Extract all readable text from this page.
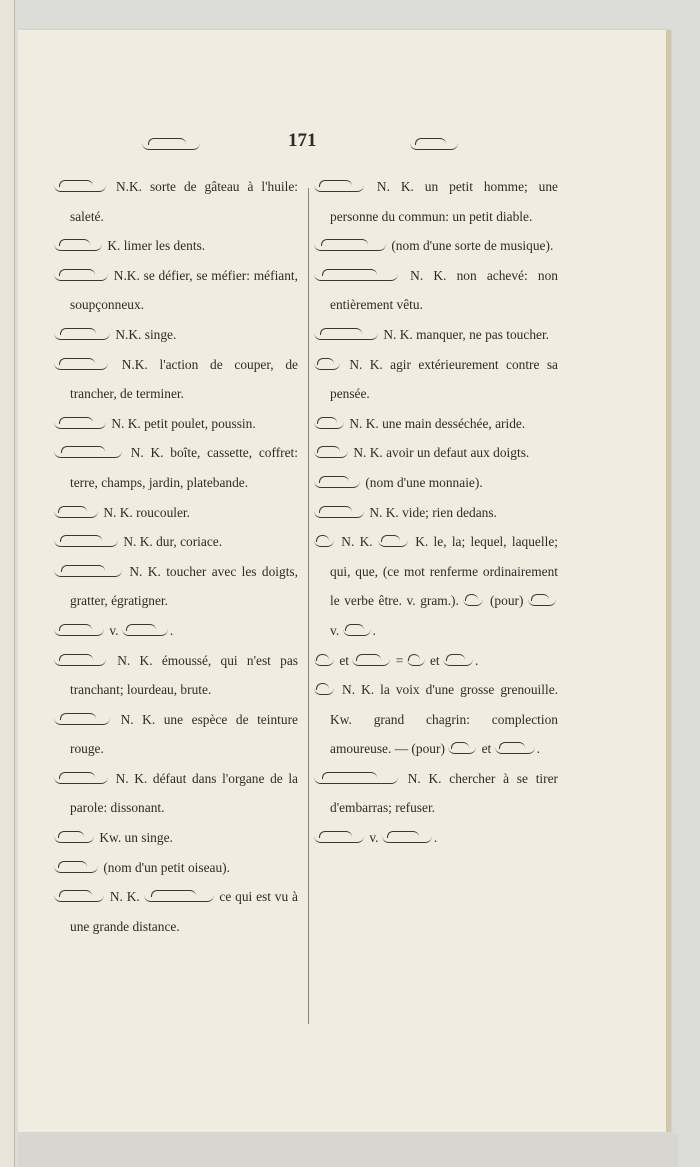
171
N.K. sorte de gâteau à l'huile: saleté.
K. limer les dents.
N.K. se défier, se méfier: méfiant, soupçonneux.
N.K. singe.
N.K. l'action de couper, de trancher, de terminer.
N. K. petit poulet, poussin.
N. K. boîte, cassette, coffret: terre, champs, jardin, platebande.
N. K. roucouler.
N. K. dur, coriace.
N. K. toucher avec les doigts, gratter, égratigner.
v.	.
N. K. émoussé, qui n'est pas tranchant; lourdeau, brute.
N. K. une espèce de teinture rouge.
N. K. défaut dans l'organe de la parole: dissonant.
Kw. un singe.
(nom d'un petit oiseau).
N. K.	ce qui est vu à une grande distance.
N. K. un petit homme; une personne du commun: un petit diable.
(nom d'une sorte de musique).
N. K. non achevé: non entièrement vêtu.
N. K. manquer, ne pas toucher.
N. K. agir extérieurement contre sa pensée.
N. K. une main desséchée, aride.
N. K. avoir un defaut aux doigts.
(nom d'une monnaie).
N. K. vide; rien dedans.
N. K.  K. le, la; lequel, laquelle; qui, que, (ce mot renferme ordinairement le verbe être. v. gram.).  (pour)  v. .
et	=  et .
N. K. la voix d'une grosse grenouille. Kw. grand chagrin: complection amoureuse. — (pour)  et	.
N. K. chercher à se tirer d'embarras; refuser.
v.	.
